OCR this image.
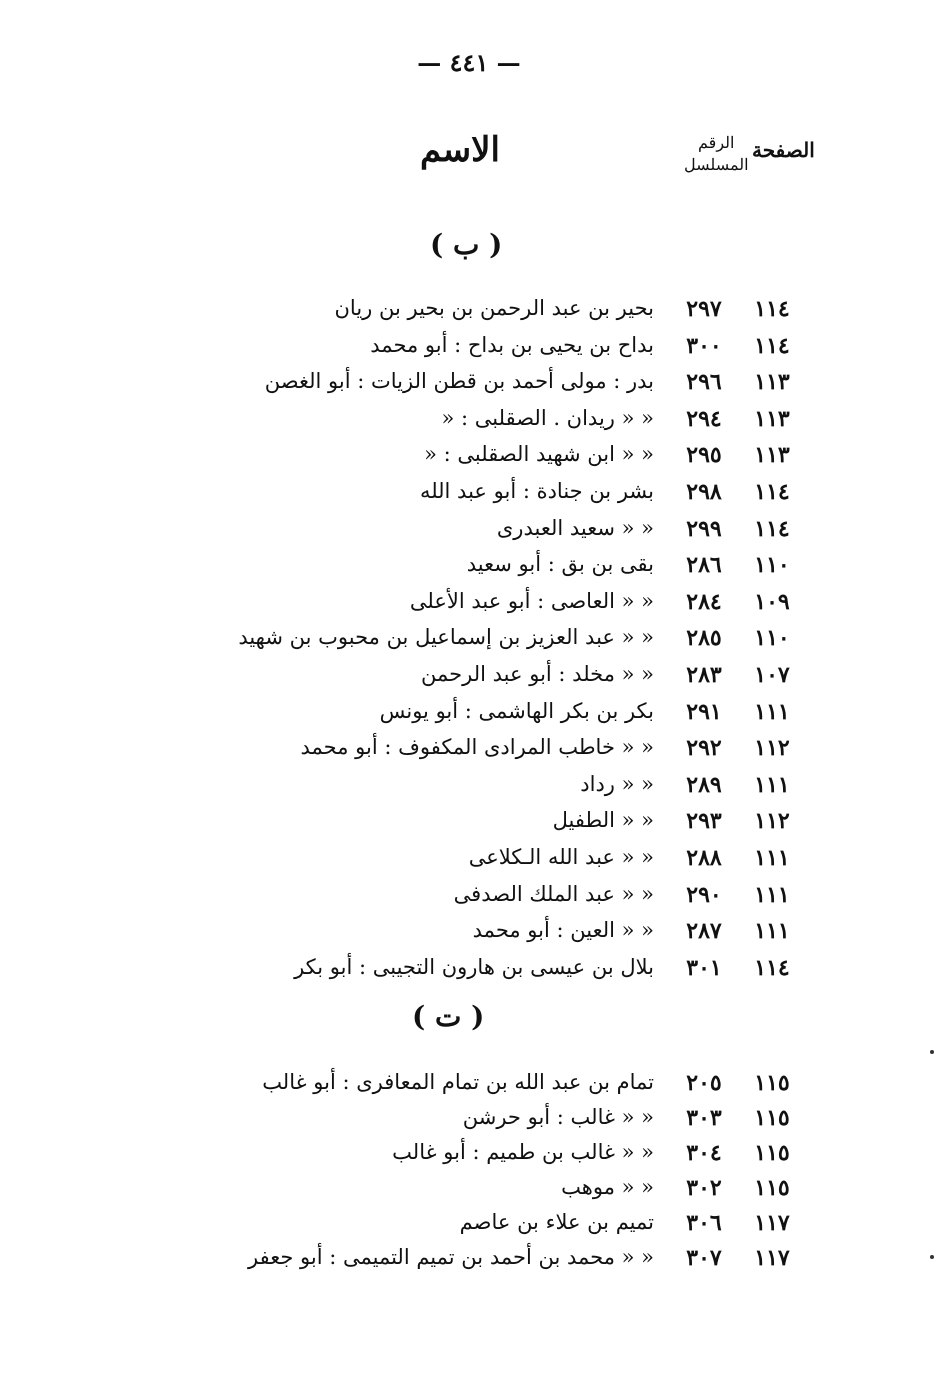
— ٤٤١ —
الصفحة
الرقم
المسلسل
الاسم
( ب )
١١٤
٢٩٧
بحير بن عبد الرحمن بن بحير بن ريان
١١٤
٣٠٠
بداح بن يحيى بن بداح : أبو محمد
١١٣
٢٩٦
بدر : مولى أحمد بن قطن الزيات : أبو الغصن
١١٣
٢٩٤
« « ريدان . الصقلبى : «
١١٣
٢٩٥
« « ابن شهيد الصقلبى : «
١١٤
٢٩٨
بشر بن جنادة : أبو عبد الله
١١٤
٢٩٩
« « سعيد العبدرى
١١٠
٢٨٦
بقى بن بق : أبو سعيد
١٠٩
٢٨٤
« « العاصى : أبو عبد الأعلى
١١٠
٢٨٥
« « عبد العزيز بن إسماعيل بن محبوب بن شهيد
١٠٧
٢٨٣
« « مخلد : أبو عبد الرحمن
١١١
٢٩١
بكر بن بكر الهاشمى : أبو يونس
١١٢
٢٩٢
« « خاطب المرادى المكفوف : أبو محمد
١١١
٢٨٩
« « رداد
١١٢
٢٩٣
« « الطفيل
١١١
٢٨٨
« « عبد الله الـكلاعى
١١١
٢٩٠
« « عبد الملك الصدفى
١١١
٢٨٧
« « العين : أبو محمد
١١٤
٣٠١
بلال بن عيسى بن هارون التجيبى : أبو بكر
( ت )
١١٥
٢٠٥
تمام بن عبد الله بن تمام المعافرى : أبو غالب
١١٥
٣٠٣
« « غالب : أبو حرشن
١١٥
٣٠٤
« « غالب بن طميم : أبو غالب
١١٥
٣٠٢
« « موهب
١١٧
٣٠٦
تميم بن علاء بن عاصم
١١٧
٣٠٧
« « محمد بن أحمد بن تميم التميمى : أبو جعفر
